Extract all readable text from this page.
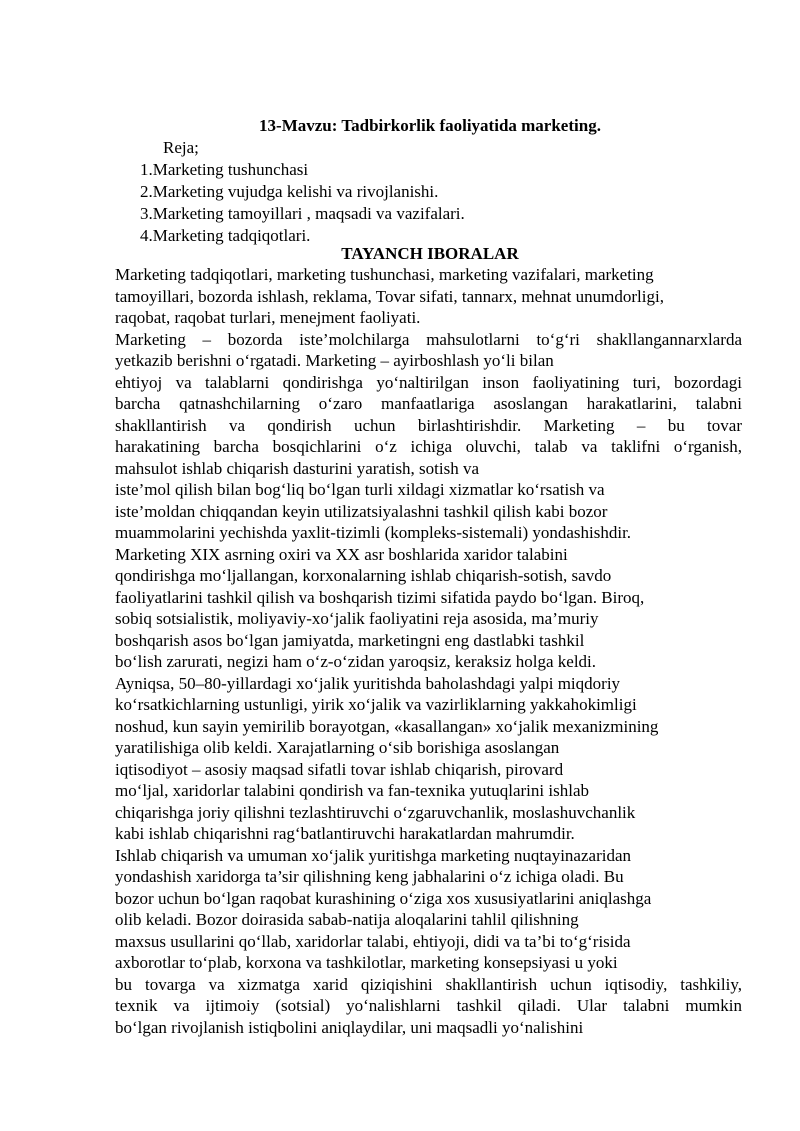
13-Mavzu: Tadbirkorlik faoliyatida marketing.
Reja;
1.Marketing tushunchasi
2.Marketing vujudga kelishi va rivojlanishi.
3.Marketing tamoyillari , maqsadi va vazifalari.
4.Marketing tadqiqotlari.
TAYANCH IBORALAR
Marketing tadqiqotlari, marketing tushunchasi, marketing vazifalari, marketing
tamoyillari, bozorda ishlash, reklama, Tovar sifati, tannarx, mehnat unumdorligi,
raqobat, raqobat turlari, menejment faoliyati.
Marketing – bozorda iste’molchilarga mahsulotlarni to‘g‘ri shakllangannarxlarda
yetkazib berishni o‘rgatadi. Marketing – ayirboshlash yo‘li bilan
ehtiyoj va talablarni qondirishga yo‘naltirilgan inson faoliyatining turi, bozordagi
barcha qatnashchilarning o‘zaro manfaatlariga asoslangan harakatlarini, talabni
shakllantirish va qondirish uchun birlashtirishdir. Marketing – bu tovar
harakatining barcha bosqichlarini o‘z ichiga oluvchi, talab va taklifni o‘rganish,
mahsulot ishlab chiqarish dasturini yaratish, sotish va
iste’mol qilish bilan bog‘liq bo‘lgan turli xildagi xizmatlar ko‘rsatish va
iste’moldan chiqqandan keyin utilizatsiyalashni tashkil qilish kabi bozor
muammolarini yechishda yaxlit-tizimli (kompleks-sistemali) yondashishdir.
Marketing XIX asrning oxiri va XX asr boshlarida xaridor talabini
qondirishga mo‘ljallangan, korxonalarning ishlab chiqarish-sotish, savdo
faoliyatlarini tashkil qilish va boshqarish tizimi sifatida paydo bo‘lgan. Biroq,
sobiq sotsialistik, moliyaviy-xo‘jalik faoliyatini reja asosida, ma’muriy
boshqarish asos bo‘lgan jamiyatda, marketingni eng dastlabki tashkil
bo‘lish zarurati, negizi ham o‘z-o‘zidan yaroqsiz, keraksiz holga keldi.
Ayniqsa, 50–80-yillardagi xo‘jalik yuritishda baholashdagi yalpi miqdoriy
ko‘rsatkichlarning ustunligi, yirik xo‘jalik va vazirliklarning yakkahokimligi
noshud, kun sayin yemirilib borayotgan, «kasallangan» xo‘jalik mexanizmining
yaratilishiga olib keldi. Xarajatlarning o‘sib borishiga asoslangan
iqtisodiyot – asosiy maqsad sifatli tovar ishlab chiqarish, pirovard
mo‘ljal, xaridorlar talabini qondirish va fan-texnika yutuqlarini ishlab
chiqarishga joriy qilishni tezlashtiruvchi o‘zgaruvchanlik, moslashuvchanlik
kabi ishlab chiqarishni rag‘batlantiruvchi harakatlardan mahrumdir.
Ishlab chiqarish va umuman xo‘jalik yuritishga marketing nuqtayinazaridan
yondashish xaridorga ta’sir qilishning keng jabhalarini o‘z ichiga oladi. Bu
bozor uchun bo‘lgan raqobat kurashining o‘ziga xos xususiyatlarini aniqlashga
olib keladi. Bozor doirasida sabab-natija aloqalarini tahlil qilishning
maxsus usullarini qo‘llab, xaridorlar talabi, ehtiyoji, didi va ta’bi to‘g‘risida
axborotlar to‘plab, korxona va tashkilotlar, marketing konsepsiyasi u yoki
bu tovarga va xizmatga xarid qiziqishini shakllantirish uchun iqtisodiy, tashkiliy,
texnik va ijtimoiy (sotsial) yo‘nalishlarni tashkil qiladi. Ular talabni mumkin
bo‘lgan rivojlanish istiqbolini aniqlaydilar, uni maqsadli yo‘nalishini
